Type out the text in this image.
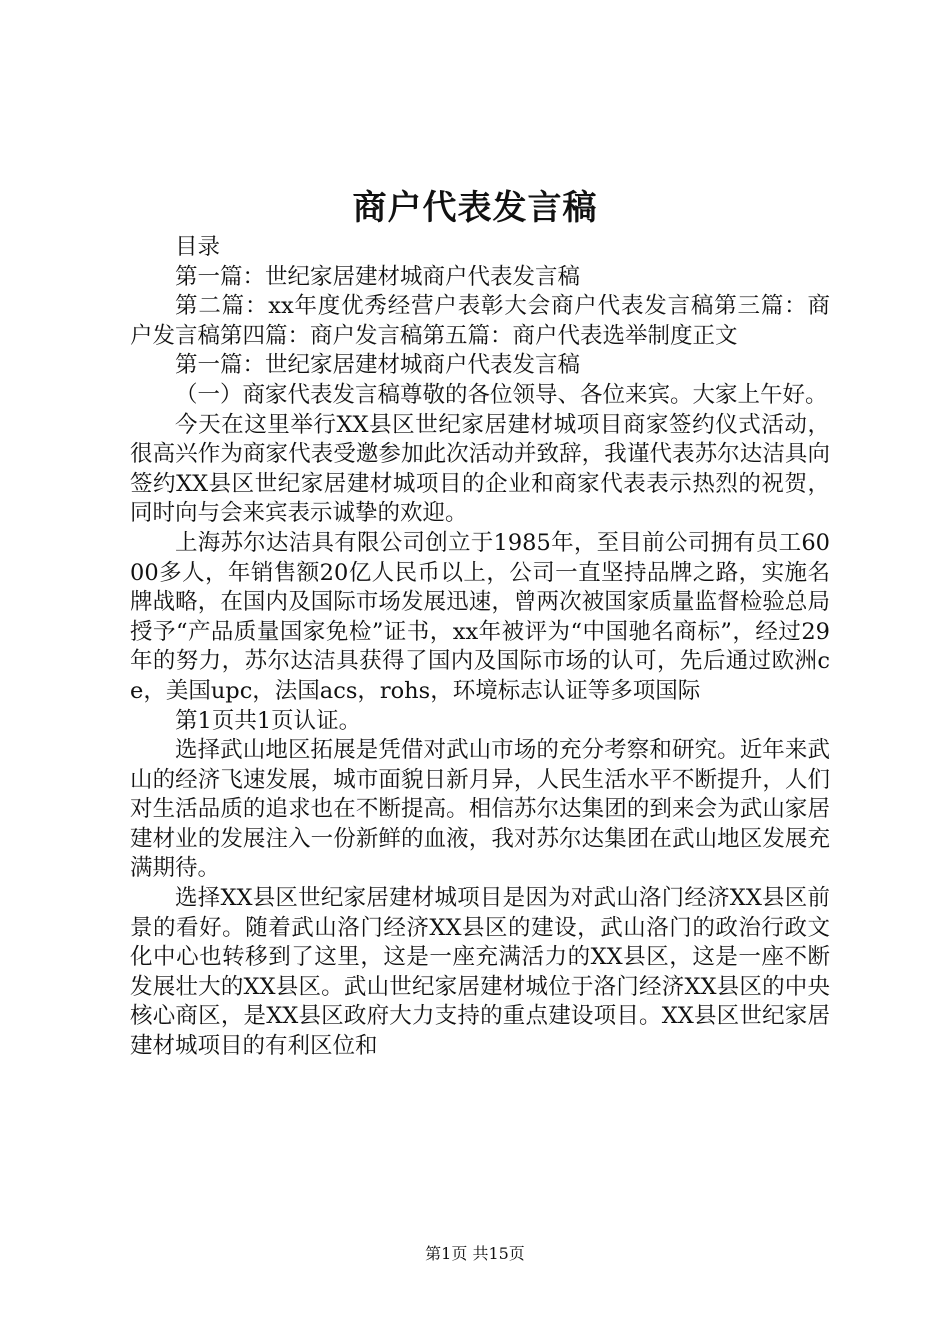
商户代表发言稿

目录

第一篇：世纪家居建材城商户代表发言稿

第二篇：xx年度优秀经营户表彰大会商户代表发言稿第三篇：商户发言稿第四篇：商户发言稿第五篇：商户代表选举制度正文

第一篇：世纪家居建材城商户代表发言稿

（一）商家代表发言稿尊敬的各位领导、各位来宾。大家上午好。

今天在这里举行XX县区世纪家居建材城项目商家签约仪式活动，很高兴作为商家代表受邀参加此次活动并致辞，我谨代表苏尔达洁具向签约XX县区世纪家居建材城项目的企业和商家代表表示热烈的祝贺，同时向与会来宾表示诚挚的欢迎。

上海苏尔达洁具有限公司创立于1985年，至目前公司拥有员工6000多人，年销售额20亿人民币以上，公司一直坚持品牌之路，实施名牌战略，在国内及国际市场发展迅速，曾两次被国家质量监督检验总局授予“产品质量国家免检”证书，xx年被评为“中国驰名商标”，经过29年的努力，苏尔达洁具获得了国内及国际市场的认可，先后通过欧洲ce，美国upc，法国acs，rohs，环境标志认证等多项国际

第1页共1页认证。

选择武山地区拓展是凭借对武山市场的充分考察和研究。近年来武山的经济飞速发展，城市面貌日新月异，人民生活水平不断提升，人们对生活品质的追求也在不断提高。相信苏尔达集团的到来会为武山家居建材业的发展注入一份新鲜的血液，我对苏尔达集团在武山地区发展充满期待。

选择XX县区世纪家居建材城项目是因为对武山洛门经济XX县区前景的看好。随着武山洛门经济XX县区的建设，武山洛门的政治行政文化中心也转移到了这里，这是一座充满活力的XX县区，这是一座不断发展壮大的XX县区。武山世纪家居建材城位于洛门经济XX县区的中央核心商区，是XX县区政府大力支持的重点建设项目。XX县区世纪家居建材城项目的有利区位和

第1页 共15页
